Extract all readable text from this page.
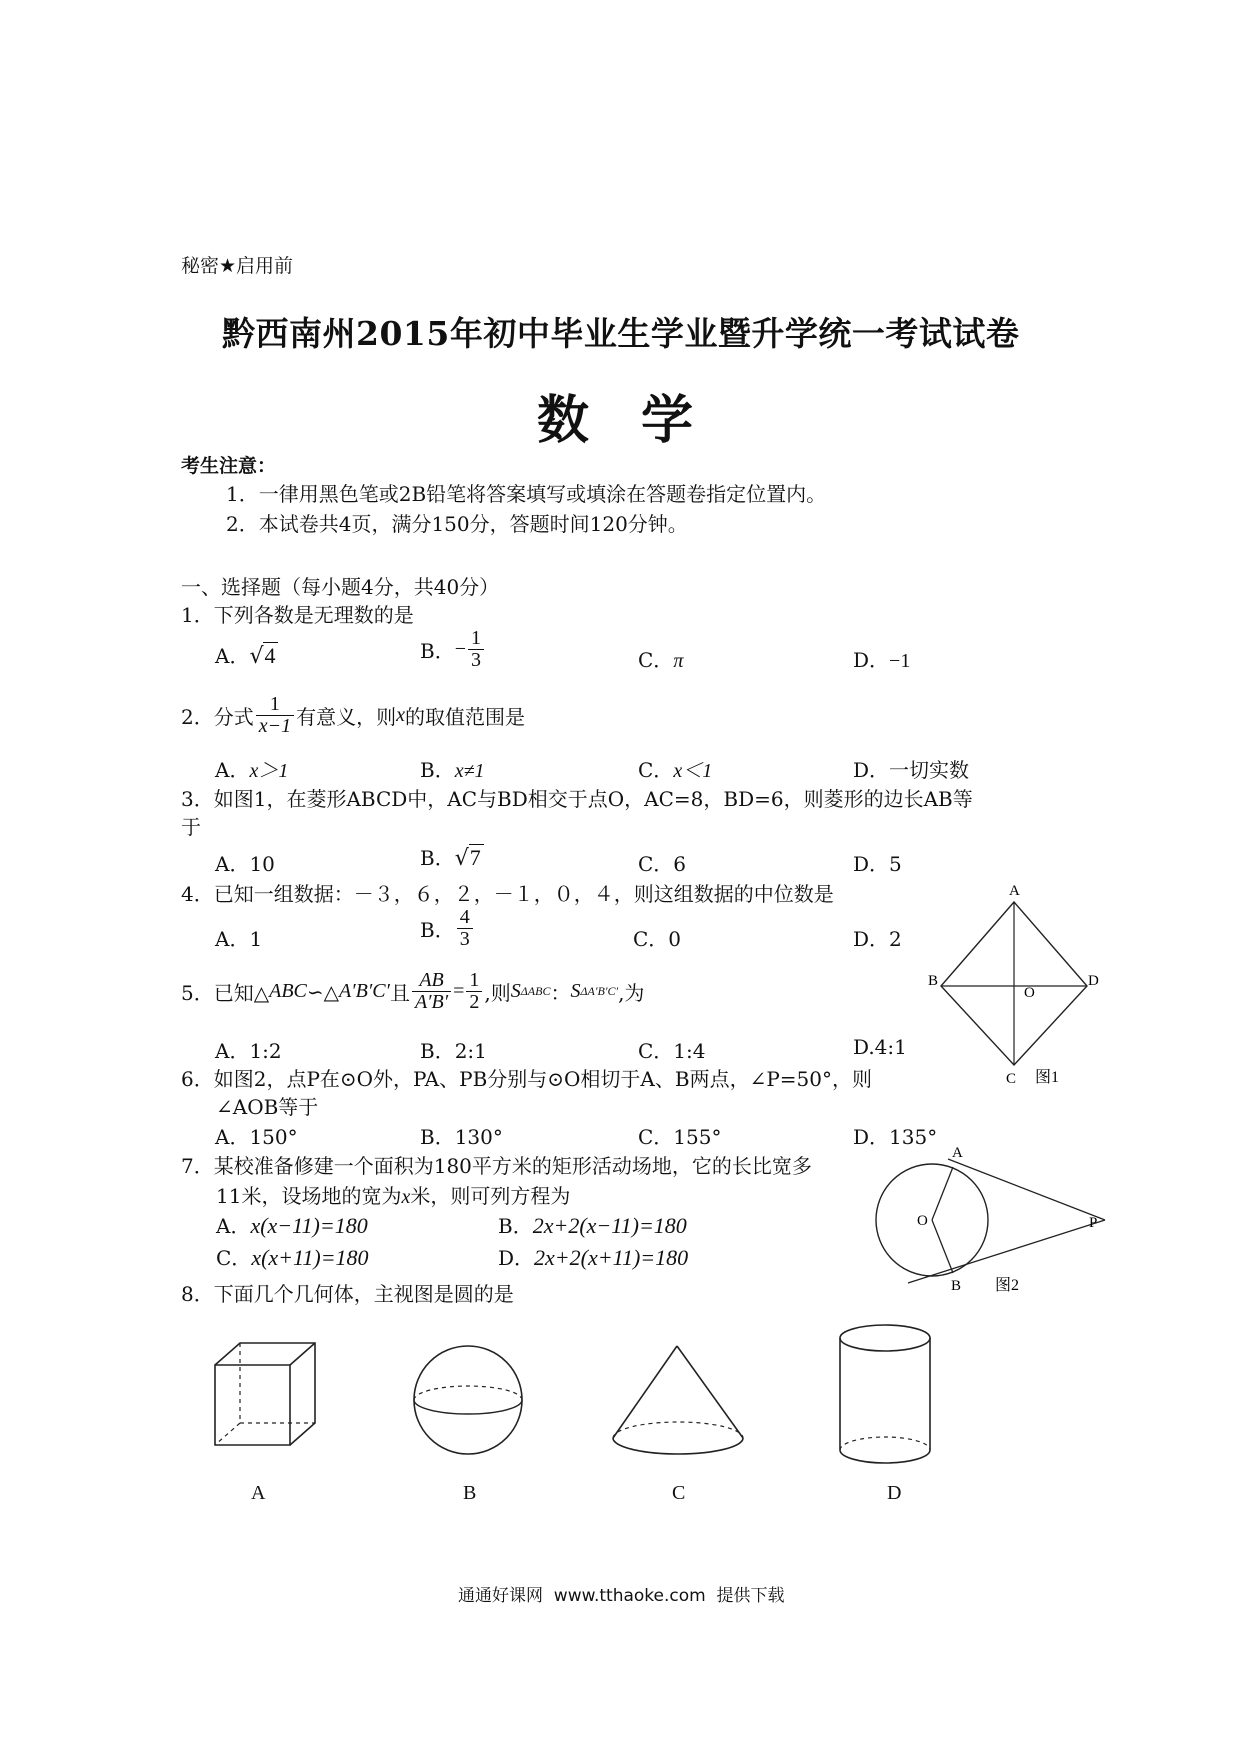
秘密★启用前
黔西南州2015年初中毕业生学业暨升学统一考试试卷
数　学
考生注意：
1．一律用黑色笔或2B铅笔将答案填写或填涂在答题卷指定位置内。
2．本试卷共4页，满分150分，答题时间120分钟。
一、选择题（每小题4分，共40分）
1．下列各数是无理数的是
A．√4	B． − $\frac{1}{3}$	C．π	D．−1
2．分式 $\frac{1}{x-1}$ 有意义，则 x 的取值范围是
A．x＞1	B．x≠1	C．x＜1	D．一切实数
3．如图1，在菱形ABCD中，AC与BD相交于点O，AC=8，BD=6，则菱形的边长AB等
于
A．10	B．√7	C．6	D．5
4．已知一组数据：－３，６，２，－１，０，４，则这组数据的中位数是
A．1	B． $\frac{4}{3}$	C．0	D．2
5．已知△ ABC ∽△ A′B′C′ 且 $\frac{AB}{A'B'} = \frac{1}{2}$ ,则 S ΔABC ： S ΔA′B′C′ ,为
A．1:2	B．2:1	C．1:4	D.4:1
6．如图2，点P在⊙O外，PA、PB分别与⊙O相切于A、B两点，∠P=50°，则
∠AOB等于
A．150°	B．130°	C．155°	D．135°
7．某校准备修建一个面积为180平方米的矩形活动场地，它的长比宽多
11米，设场地的宽为x米，则可列方程为
A．x(x−11)=180	B．2x+2(x−11)=180
C．x(x+11)=180	D．2x+2(x+11)=180
8．下面几个几何体，主视图是圆的是
A
B
C
D
O
图1
A
O
B
P
图2
A	B	C	D
通通好课网  www.tthaoke.com  提供下载
